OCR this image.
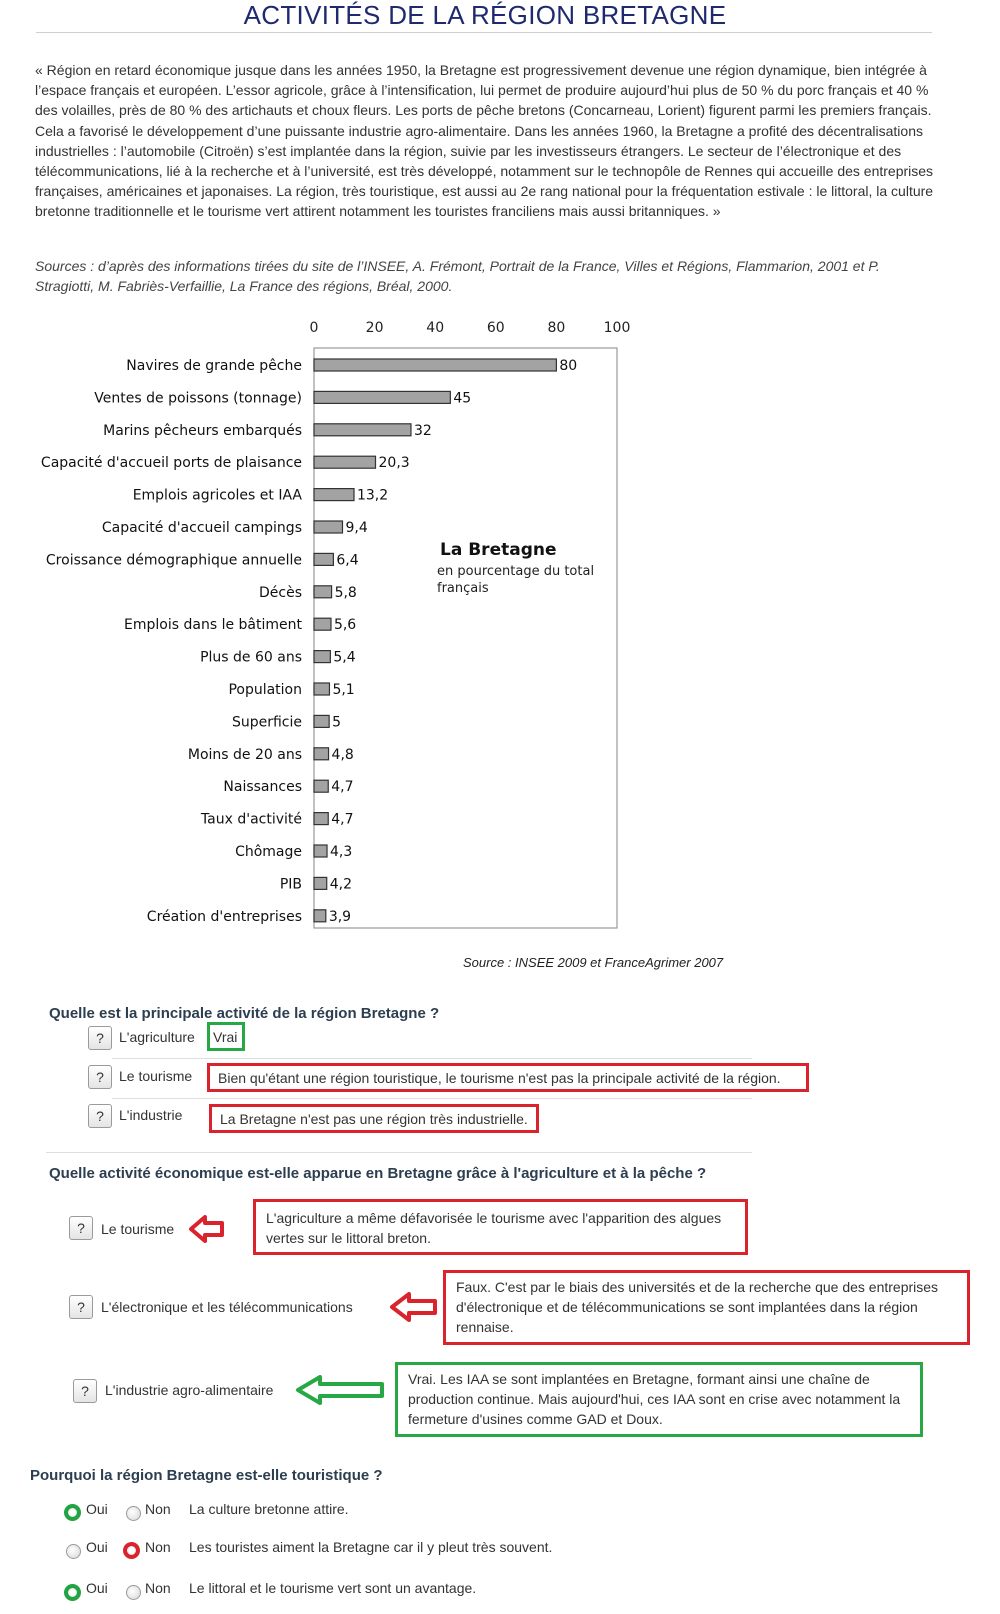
ACTIVITÉS DE LA RÉGION BRETAGNE
« Région en retard économique jusque dans les années 1950, la Bretagne est progressivement devenue une région dynamique, bien intégrée à l’espace français et européen. L’essor agricole, grâce à l’intensification, lui permet de produire aujourd’hui plus de 50 % du porc français et 40 % des volailles, près de 80 % des artichauts et choux fleurs. Les ports de pêche bretons (Concarneau, Lorient) figurent parmi les premiers français. Cela a favorisé le développement d’une puissante industrie agro-alimentaire. Dans les années 1960, la Bretagne a profité des décentralisations industrielles : l’automobile (Citroën) s’est implantée dans la région, suivie par les investisseurs étrangers. Le secteur de l’électronique et des télécommunications, lié à la recherche et à l’université, est très développé, notamment sur le technopôle de Rennes qui accueille des entreprises françaises, américaines et japonaises. La région, très touristique, est aussi au 2e rang national pour la fréquentation estivale : le littoral, la culture bretonne traditionnelle et le tourisme vert attirent notamment les touristes franciliens mais aussi britanniques. »
Sources : d’après des informations tirées du site de l’INSEE, A. Frémont, Portrait de la France, Villes et Régions, Flammarion, 2001 et P. Stragiotti, M. Fabriès-Verfaillie, La France des régions, Bréal, 2000.
0	20	40	60	80	100
Navires de grande pêche	80
Ventes de poissons (tonnage)	45
Marins pêcheurs embarqués	32
Capacité d'accueil ports de plaisance	20,3
Emplois agricoles et IAA	13,2
Capacité d'accueil campings	9,4
Croissance démographique annuelle 6,4
Décès 5,8
Emplois dans le bâtiment 5,6
Plus de 60 ans 5,4
Population 5,1
Superficie 5
Moins de 20 ans 4,8
Naissances 4,7
Taux d'activité 4,7
Chômage 4,3
PIB 4,2
Création d'entreprises 3,9
La Bretagne
en pourcentage du total français
Source : INSEE 2009 et FranceAgrimer 2007
Quelle est la principale activité de la région Bretagne ?
?	L'agriculture	Vrai
?	Le tourisme	Bien qu'étant une région touristique, le tourisme n'est pas la principale activité de la région.
?	L'industrie	La Bretagne n'est pas une région très industrielle.
Quelle activité économique est-elle apparue en Bretagne grâce à l'agriculture et à la pêche ?
?	Le tourisme
L'agriculture a même défavorisée le tourisme avec l'apparition des algues vertes sur le littoral breton.
?	L'électronique et les télécommunications
Faux. C'est par le biais des universités et de la recherche que des entreprises d'électronique et de télécommunications se sont implantées dans la région rennaise.
?	L'industrie agro-alimentaire
Vrai. Les IAA se sont implantées en Bretagne, formant ainsi une chaîne de production continue. Mais aujourd'hui, ces IAA sont en crise avec notamment la fermeture d'usines comme GAD et Doux.
Pourquoi la région Bretagne est-elle touristique ?
Oui	Non La culture bretonne attire.
Oui	Non Les touristes aiment la Bretagne car il y pleut très souvent.
Oui	Non Le littoral et le tourisme vert sont un avantage.
